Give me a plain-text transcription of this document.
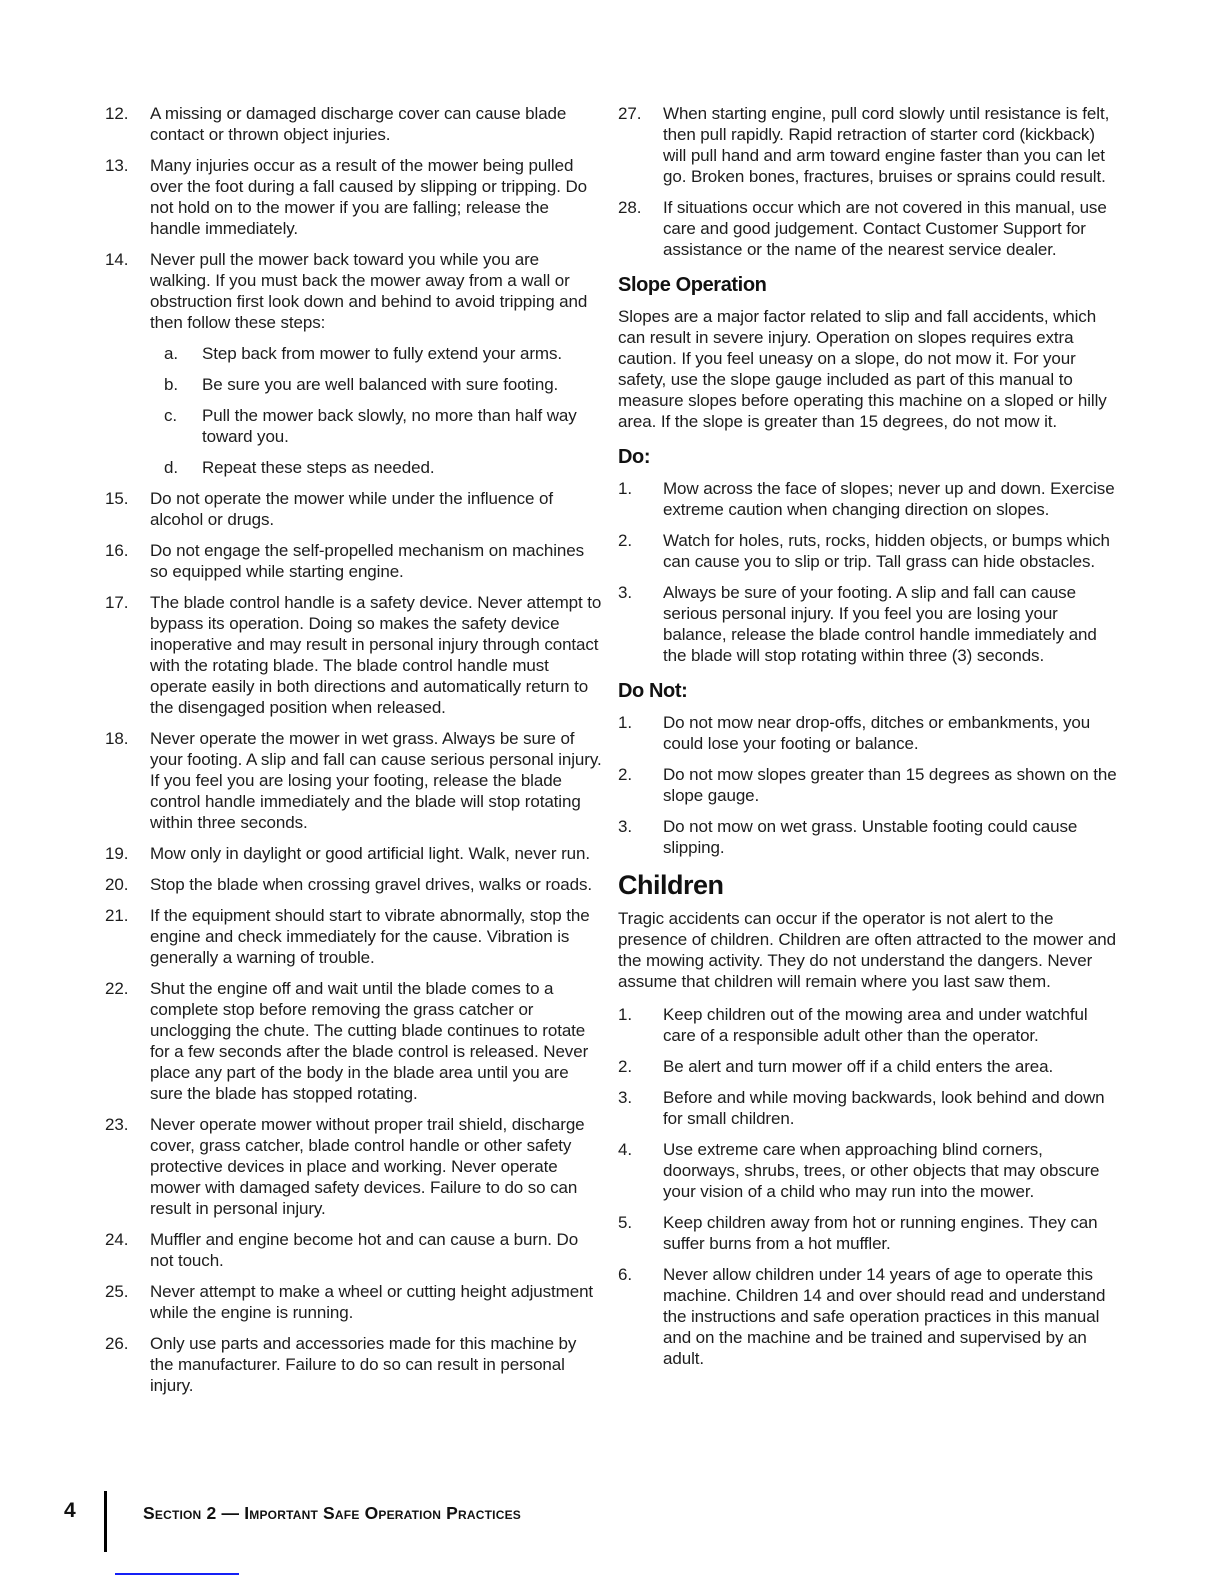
12.	A missing or damaged discharge cover can cause blade contact or thrown object injuries.
13.	Many injuries occur as a result of the mower being pulled over the foot during a fall caused by slipping or tripping. Do not hold on to the mower if you are falling; release the handle immediately.
14.	Never pull the mower back toward you while you are walking. If you must back the mower away from a wall or obstruction first look down and behind to avoid tripping and then follow these steps:
a.	Step back from mower to fully extend your arms.
b.	Be sure you are well balanced with sure footing.
c.	Pull the mower back slowly, no more than half way toward you.
d.	Repeat these steps as needed.
15.	Do not operate the mower while under the influence of alcohol or drugs.
16.	Do not engage the self-propelled mechanism on machines so equipped while starting engine.
17.	The blade control handle is a safety device. Never attempt to bypass its operation. Doing so makes the safety device inoperative and may result in personal injury through contact with the rotating blade. The blade control handle must operate easily in both directions and automatically return to the disengaged position when released.
18.	Never operate the mower in wet grass. Always be sure of your footing. A slip and fall can cause serious personal injury. If you feel you are losing your footing, release the blade control handle immediately and the blade will stop rotating within three seconds.
19.	Mow only in daylight or good artificial light. Walk, never run.
20.	Stop the blade when crossing gravel drives, walks or roads.
21.	If the equipment should start to vibrate abnormally, stop the engine and check immediately for the cause. Vibration is generally a warning of trouble.
22.	Shut the engine off and wait until the blade comes to a complete stop before removing the grass catcher or unclogging the chute. The cutting blade continues to rotate for a few seconds after the blade control is released. Never place any part of the body in the blade area until you are sure the blade has stopped rotating.
23.	Never operate mower without proper trail shield, discharge cover, grass catcher, blade control handle or other safety protective devices in place and working. Never operate mower with damaged safety devices. Failure to do so can result in personal injury.
24.	Muffler and engine become hot and can cause a burn. Do not touch.
25.	Never attempt to make a wheel or cutting height adjustment while the engine is running.
26.	Only use parts and accessories made for this machine by the manufacturer. Failure to do so can result in personal injury.
27.	When starting engine, pull cord slowly until resistance is felt, then pull rapidly. Rapid retraction of starter cord (kickback) will pull hand and arm toward engine faster than you can let go. Broken bones, fractures, bruises or sprains could result.
28.	If situations occur which are not covered in this manual, use care and good judgement. Contact Customer Support for assistance or the name of the nearest service dealer.
Slope Operation

Slopes are a major factor related to slip and fall accidents, which can result in severe injury. Operation on slopes requires extra caution. If you feel uneasy on a slope, do not mow it. For your safety, use the slope gauge included as part of this manual to measure slopes before operating this machine on a sloped or hilly area. If the slope is greater than 15 degrees, do not mow it.

Do:
1.	Mow across the face of slopes; never up and down. Exercise extreme caution when changing direction on slopes.
2.	Watch for holes, ruts, rocks, hidden objects, or bumps which can cause you to slip or trip. Tall grass can hide obstacles.
3.	Always be sure of your footing. A slip and fall can cause serious personal injury. If you feel you are losing your balance, release the blade control handle immediately and the blade will stop rotating within three (3) seconds.
Do Not:
1.	Do not mow near drop-offs, ditches or embankments, you could lose your footing or balance.
2.	Do not mow slopes greater than 15 degrees as shown on the slope gauge.
3.	Do not mow on wet grass. Unstable footing could cause slipping.
Children

Tragic accidents can occur if the operator is not alert to the presence of children. Children are often attracted to the mower and the mowing activity. They do not understand the dangers. Never assume that children will remain where you last saw them.

1.	Keep children out of the mowing area and under watchful care of a responsible adult other than the operator.
2.	Be alert and turn mower off if a child enters the area.
3.	Before and while moving backwards, look behind and down for small children.
4.	Use extreme care when approaching blind corners, doorways, shrubs, trees, or other objects that may obscure your vision of a child who may run into the mower.
5.	Keep children away from hot or running engines. They can suffer burns from a hot muffler.
6.	Never allow children under 14 years of age to operate this machine. Children 14 and over should read and understand the instructions and safe operation practices in this manual and on the machine and be trained and supervised by an adult.
4	Section 2 — Important Safe Operation Practices
